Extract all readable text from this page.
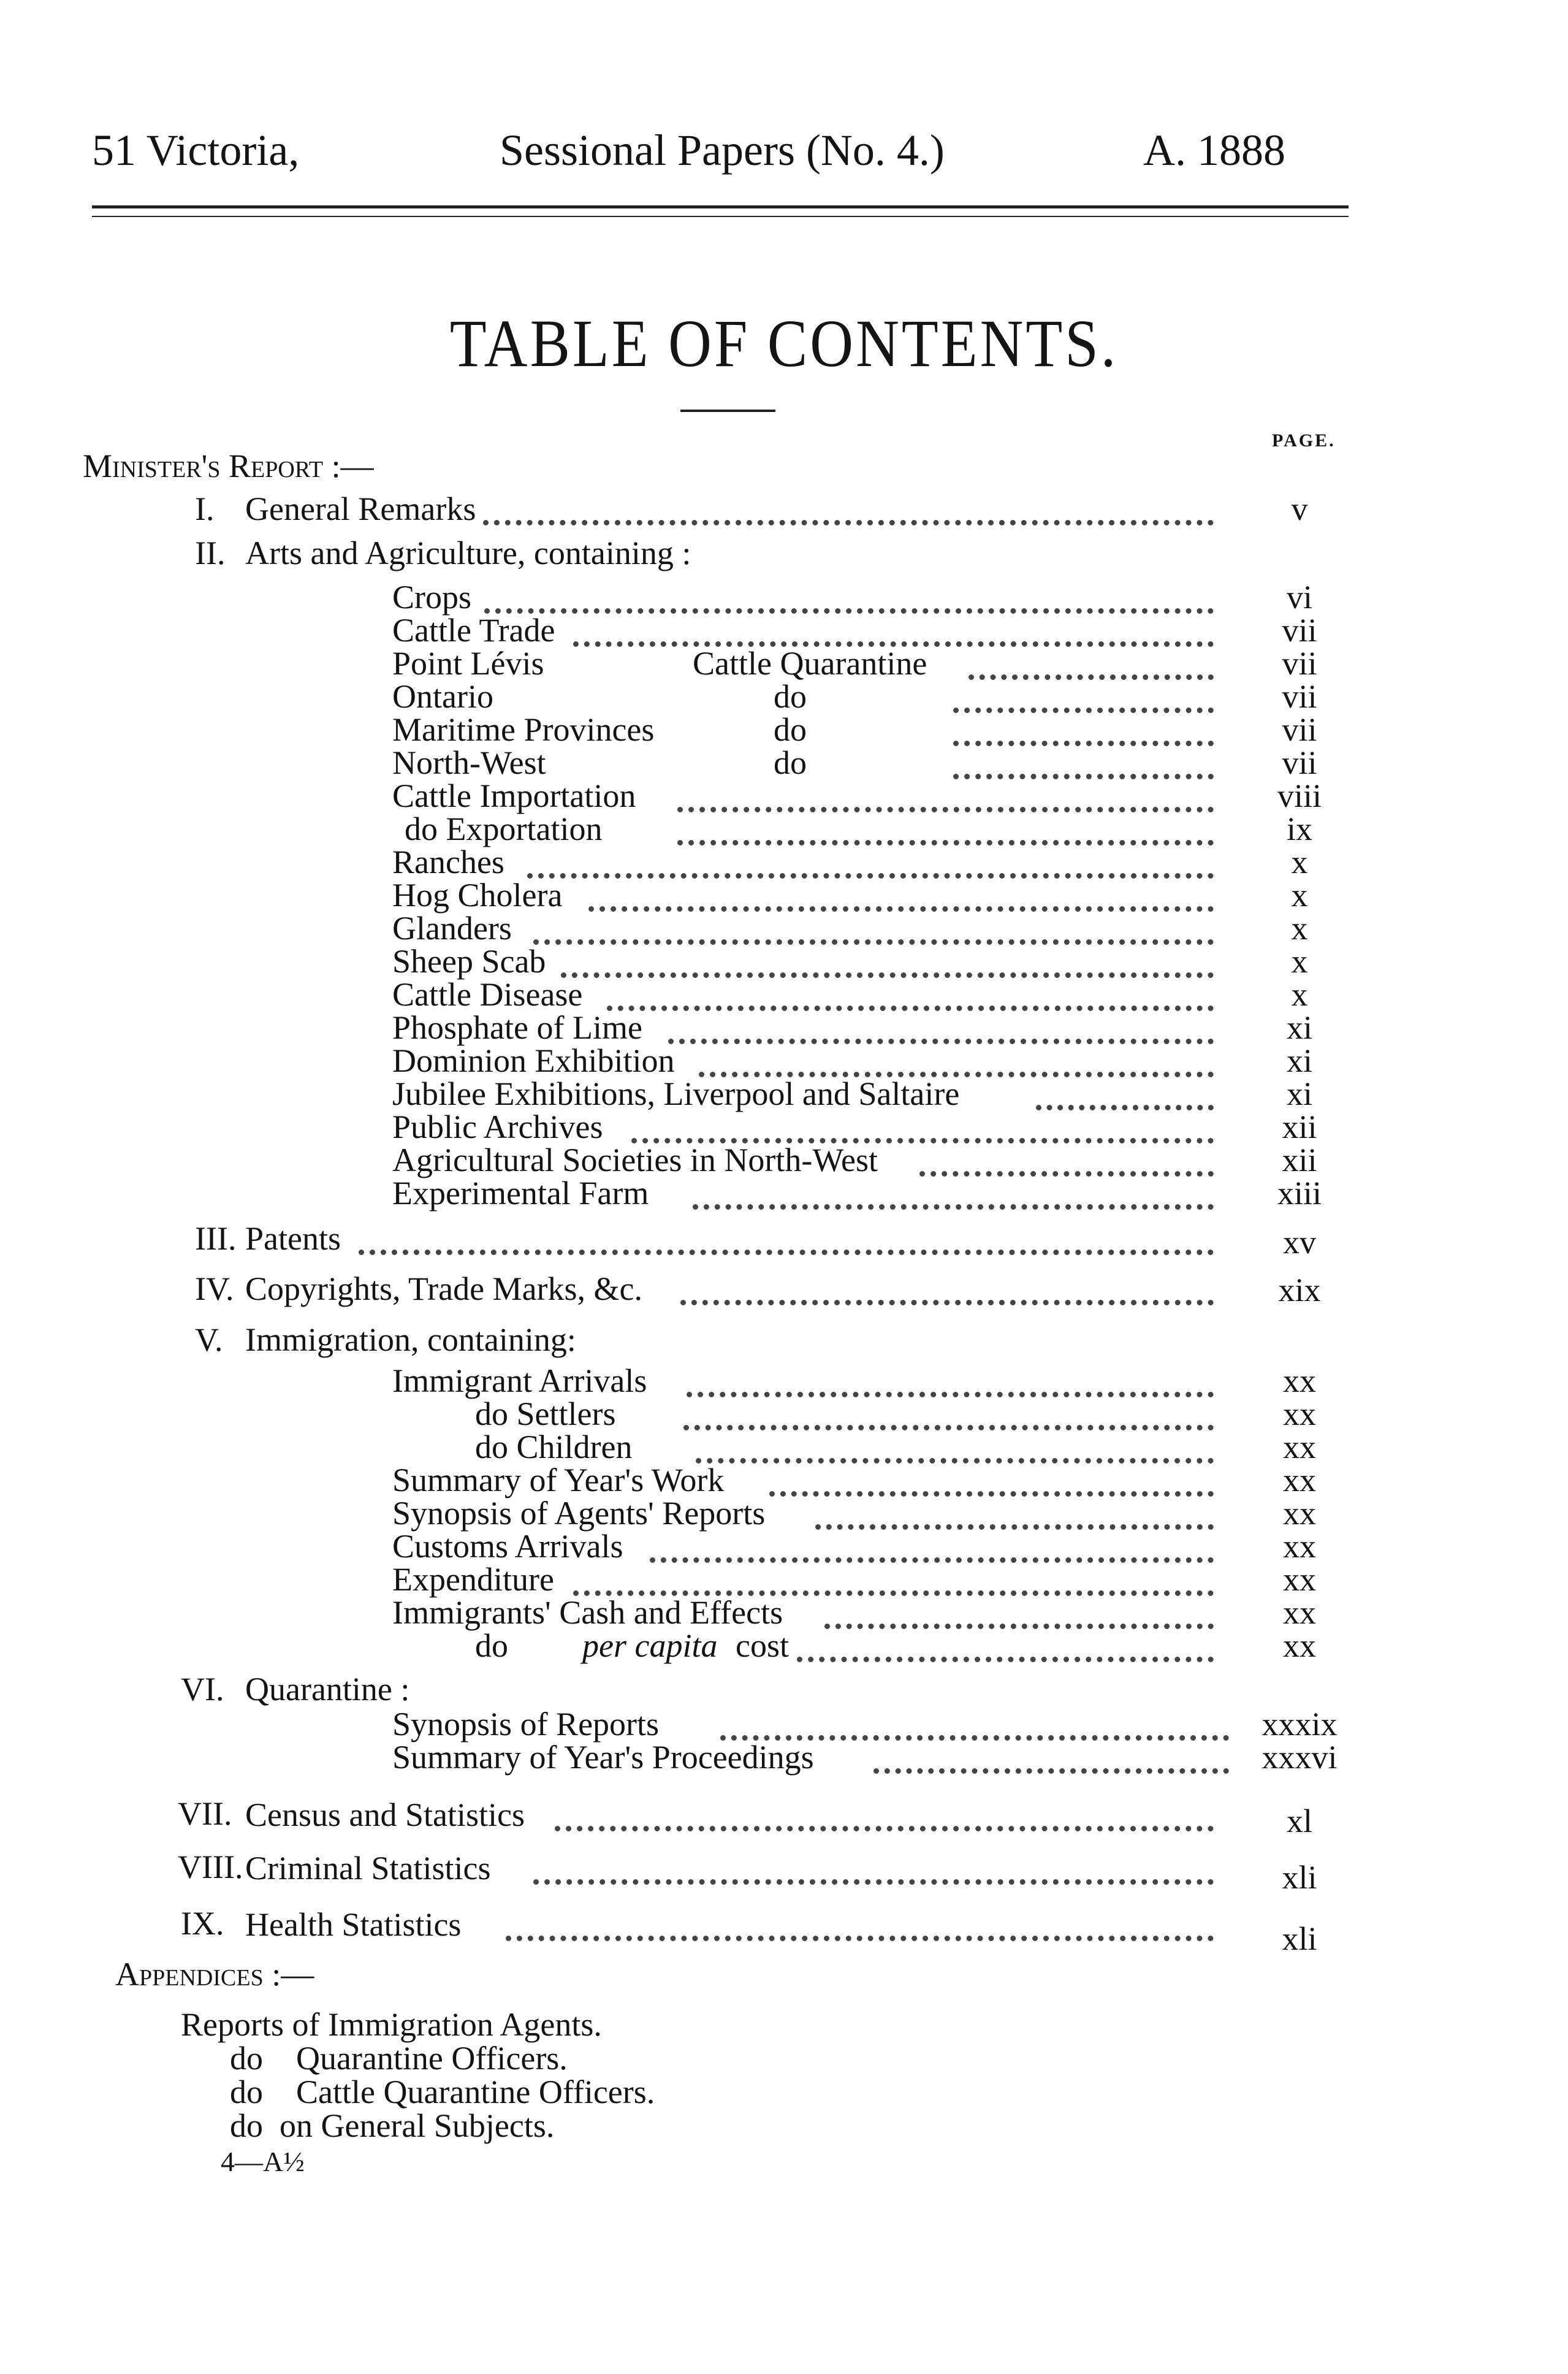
51 Victoria,	Sessional Papers (No. 4.)	A. 1888
TABLE OF CONTENTS.
PAGE.
Minister's Report :—
I. General Remarks	v
II. Arts and Agriculture, containing :
Crops	vi
Cattle Trade	vii
Point Lévis	Cattle Quarantine	vii
Ontario	do	vii
Maritime Provinces	do	vii
North-West	do	vii
Cattle Importation	viii
do Exportation	ix
Ranches	x
Hog Cholera	x
Glanders	x
Sheep Scab	x
Cattle Disease	x
Phosphate of Lime	xi
Dominion Exhibition	xi
Jubilee Exhibitions, Liverpool and Saltaire	xi
Public Archives	xii
Agricultural Societies in North-West	xii
Experimental Farm	xiii
III. Patents	xv
IV. Copyrights, Trade Marks, &c.	xix
V. Immigration, containing:
Immigrant Arrivals	xx
do Settlers	xx
do Children	xx
Summary of Year's Work	xx
Synopsis of Agents' Reports	xx
Customs Arrivals	xx
Expenditure	xx
Immigrants' Cash and Effects	xx
do per capita cost	xx
VI. Quarantine :
Synopsis of Reports	xxxix
Summary of Year's Proceedings	xxxvi
VII. Census and Statistics	xl
VIII. Criminal Statistics	xli
IX. Health Statistics	xli
Appendices :—
Reports of Immigration Agents.
do    Quarantine Officers.
do    Cattle Quarantine Officers.
do  on General Subjects.
4—A½
